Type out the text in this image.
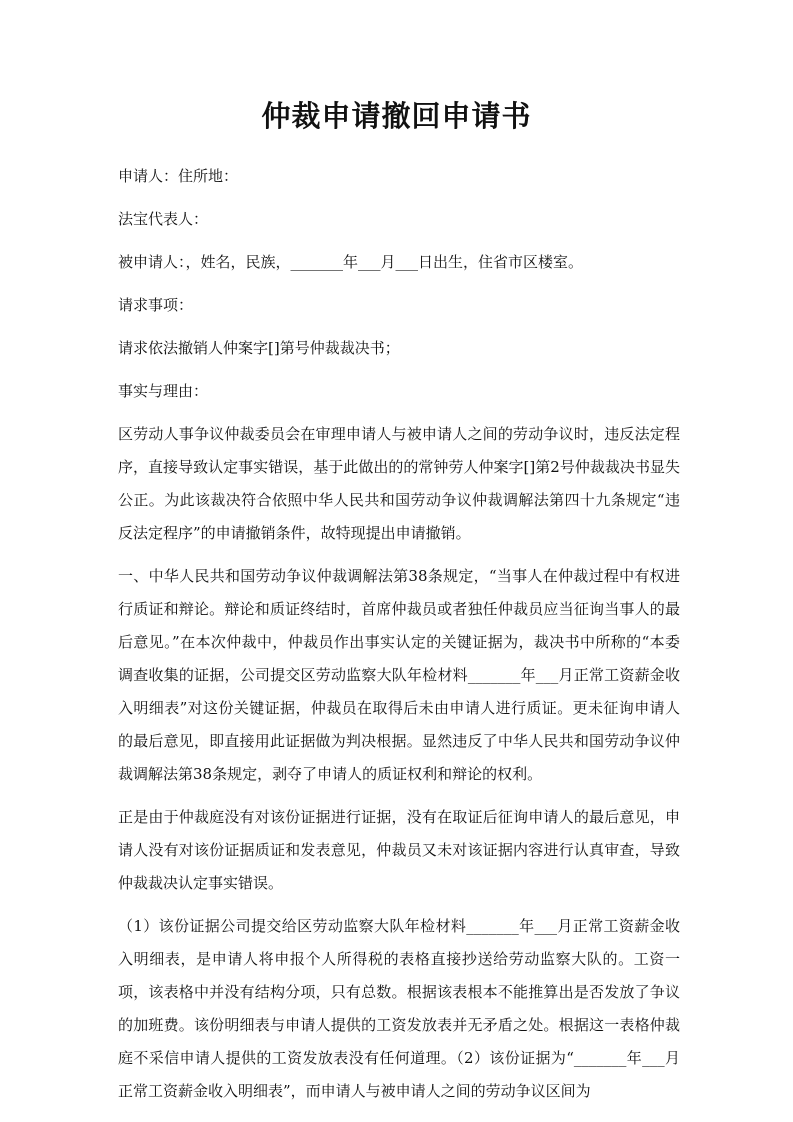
仲裁申请撤回申请书

申请人：住所地：

法宝代表人：

被申请人：，姓名，民族，_______年___月___日出生，住省市区楼室。

请求事项：

请求依法撤销人仲案字[]第号仲裁裁决书；

事实与理由：

区劳动人事争议仲裁委员会在审理申请人与被申请人之间的劳动争议时，违反法定程序，直接导致认定事实错误，基于此做出的的常钟劳人仲案字[]第2号仲裁裁决书显失公正。为此该裁决符合依照中华人民共和国劳动争议仲裁调解法第四十九条规定“违反法定程序”的申请撤销条件，故特现提出申请撤销。

一、中华人民共和国劳动争议仲裁调解法第38条规定，“当事人在仲裁过程中有权进行质证和辩论。辩论和质证终结时，首席仲裁员或者独任仲裁员应当征询当事人的最后意见。”在本次仲裁中，仲裁员作出事实认定的关键证据为，裁决书中所称的“本委调查收集的证据，公司提交区劳动监察大队年检材料_______年___月正常工资薪金收入明细表”对这份关键证据，仲裁员在取得后未由申请人进行质证。更未征询申请人的最后意见，即直接用此证据做为判决根据。显然违反了中华人民共和国劳动争议仲裁调解法第38条规定，剥夺了申请人的质证权利和辩论的权利。

正是由于仲裁庭没有对该份证据进行证据，没有在取证后征询申请人的最后意见，申请人没有对该份证据质证和发表意见，仲裁员又未对该证据内容进行认真审查，导致仲裁裁决认定事实错误。

（1）该份证据公司提交给区劳动监察大队年检材料_______年___月正常工资薪金收入明细表，是申请人将申报个人所得税的表格直接抄送给劳动监察大队的。工资一项，该表格中并没有结构分项，只有总数。根据该表根本不能推算出是否发放了争议的加班费。该份明细表与申请人提供的工资发放表并无矛盾之处。根据这一表格仲裁庭不采信申请人提供的工资发放表没有任何道理。（2）该份证据为“_______年___月正常工资薪金收入明细表”，而申请人与被申请人之间的劳动争议区间为
